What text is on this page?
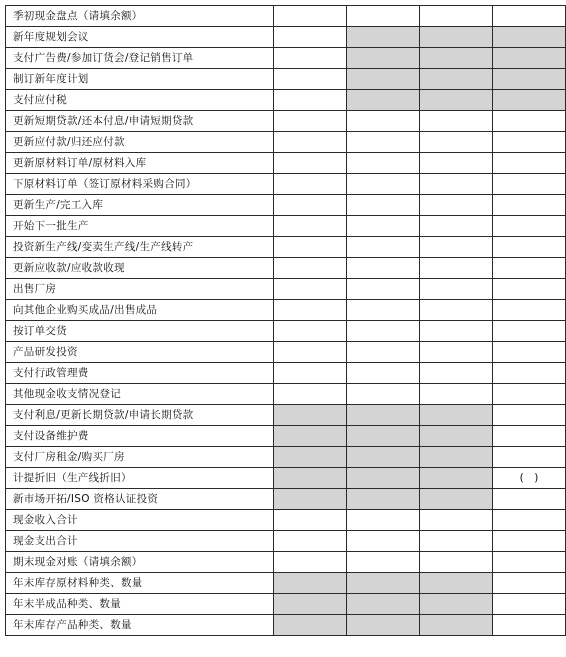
季初现金盘点（请填余额）				
新年度规划会议				
支付广告费/参加订货会/登记销售订单				
制订新年度计划				
支付应付税				
更新短期贷款/还本付息/申请短期贷款				
更新应付款/归还应付款				
更新原材料订单/原材料入库				
下原材料订单（签订原材料采购合同）				
更新生产/完工入库				
开始下一批生产				
投资新生产线/变卖生产线/生产线转产				
更新应收款/应收款收现				
出售厂房				
向其他企业购买成品/出售成品				
按订单交货				
产品研发投资				
支付行政管理费				
其他现金收支情况登记				
支付利息/更新长期贷款/申请长期贷款				
支付设备维护费				
支付厂房租金/购买厂房				
计提折旧（生产线折旧）				(　)
新市场开拓/ISO 资格认证投资				
现金收入合计				
现金支出合计				
期末现金对账（请填余额）				
年末库存原材料种类、数量				
年末半成品种类、数量				
年末库存产品种类、数量				
